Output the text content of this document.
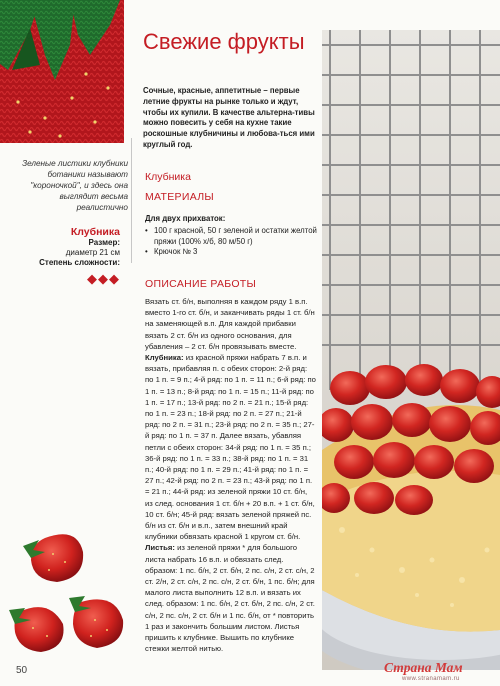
Зеленые листики клубники ботаники называют "короночкой", и здесь она выглядит весьма реалистично
Клубника
Размер:
диаметр 21 см
Степень сложности:
◆◆◆
Свежие фрукты
Сочные, красные, аппетитные – первые летние фрукты на рынке только и ждут, чтобы их купили. В качестве альтерна-тивы можно повесить у себя на кухне такие роскошные клубничины и любова-ться ими круглый год.
Клубника
МАТЕРИАЛЫ
Для двух прихваток:
• 100 г красной, 50 г зеленой и остатки желтой пряжи (100% х/б, 80 м/50 г)
• Крючок № 3
ОПИСАНИЕ РАБОТЫ
Вязать ст. б/н, выполняя в каждом ряду 1 в.п. вместо 1-го ст. б/н, и заканчивать ряды 1 ст. б/н на заменяющей в.п. Для каждой прибавки вязать 2 ст. б/н из одного основания, для убавления – 2 ст. б/н провязывать вместе.
Клубника: из красной пряжи набрать 7 в.п. и вязать, прибавляя п. с обеих сторон: 2-й ряд: по 1 п. = 9 п.; 4-й ряд: по 1 п. = 11 п.; 6-й ряд: по 1 п. = 13 п.; 8-й ряд: по 1 п. = 15 п.; 11-й ряд: по 1 п. = 17 п.; 13-й ряд: по 2 п. = 21 п.; 15-й ряд: по 1 п. = 23 п.; 18-й ряд: по 2 п. = 27 п.; 21-й ряд: по 2 п. = 31 п.; 23-й ряд: по 2 п. = 35 п.; 27-й ряд: по 1 п. = 37 п. Далее вязать, убавляя петли с обеих сторон: 34-й ряд: по 1 п. = 35 п.; 36-й ряд: по 1 п. = 33 п.; 38-й ряд: по 1 п. = 31 п.; 40-й ряд: по 1 п. = 29 п.; 41-й ряд: по 1 п. = 27 п.; 42-й ряд: по 2 п. = 23 п.; 43-й ряд: по 1 п. = 21 п.; 44-й ряд: из зеленой пряжи 10 ст. б/н, из след. основания 1 ст. б/н + 20 в.п. + 1 ст. б/н, 10 ст. б/н; 45-й ряд: вязать зеленой пряжей пс. б/н из ст. б/н и в.п., затем внешний край клубники обвязать красной 1 кругом ст. б/н.
Листья: из зеленой пряжи * для большого листа набрать 16 в.п. и обвязать след. образом: 1 пс. б/н, 2 ст. б/н, 2 пс. с/н, 2 ст. с/н, 2 ст. 2/н, 2 ст. с/н, 2 пс. с/н, 2 ст. б/н, 1 пс. б/н; для малого листа выполнить 12 в.п. и вязать их след. образом: 1 пс. б/н, 2 ст. б/н, 2 пс. с/н, 2 ст. с/н, 2 пс. с/н, 2 ст. б/н и 1 пс. б/н, от * повторить 1 раз и закончить большим листом. Листья пришить к клубнике. Вышить по клубнике стежки желтой нитью.
50	Страна Мам
www.stranamam.ru
